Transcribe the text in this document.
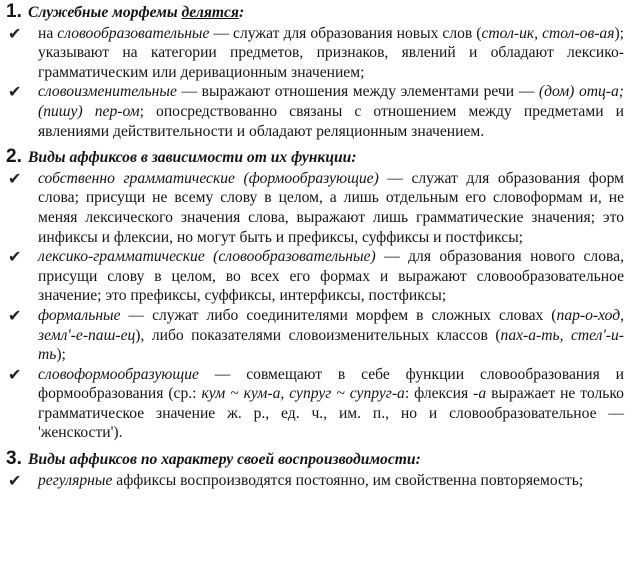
1. Служебные морфемы делятся:
✔	на словообразовательные — служат для образования новых слов (стол-ик, стол-ов-ая); указывают на категории предметов, признаков, явлений и обладают лексико-грамматическим или деривационным значением;
✔	словоизменительные — выражают отношения между элементами речи — (дом) отц-а; (пишу) пер-ом; опосредствованно связаны с отношением между предметами и явлениями действительности и обладают реляционным значением.
2. Виды аффиксов в зависимости от их функции:
✔	собственно грамматические (формообразующие) — служат для образования форм слова; присущи не всему слову в целом, а лишь отдельным его словоформам и, не меняя лексического значения слова, выражают лишь грамматические значения; это инфиксы и флексии, но могут быть и префиксы, суффиксы и постфиксы;
✔	лексико-грамматические (словообразовательные) — для образования нового слова, присущи слову в целом, во всех его формах и выражают словообразовательное значение; это префиксы, суффиксы, интерфиксы, постфиксы;
✔	формальные — служат либо соединителями морфем в сложных словах (пар-о-ход, земл'-е-паш-ец), либо показателями словоизменительных классов (пах-а-ть, стел'-и-ть);
✔	словоформообразующие — совмещают в себе функции словообразования и формообразования (ср.: кум ~ кум-а, супруг ~ супруг-а: флексия -а выражает не только грамматическое значение ж. р., ед. ч., им. п., но и словообразовательное — 'женскости').
3. Виды аффиксов по характеру своей воспроизводимости:
✔	регулярные аффиксы воспроизводятся постоянно, им свойственна повторяемость;
